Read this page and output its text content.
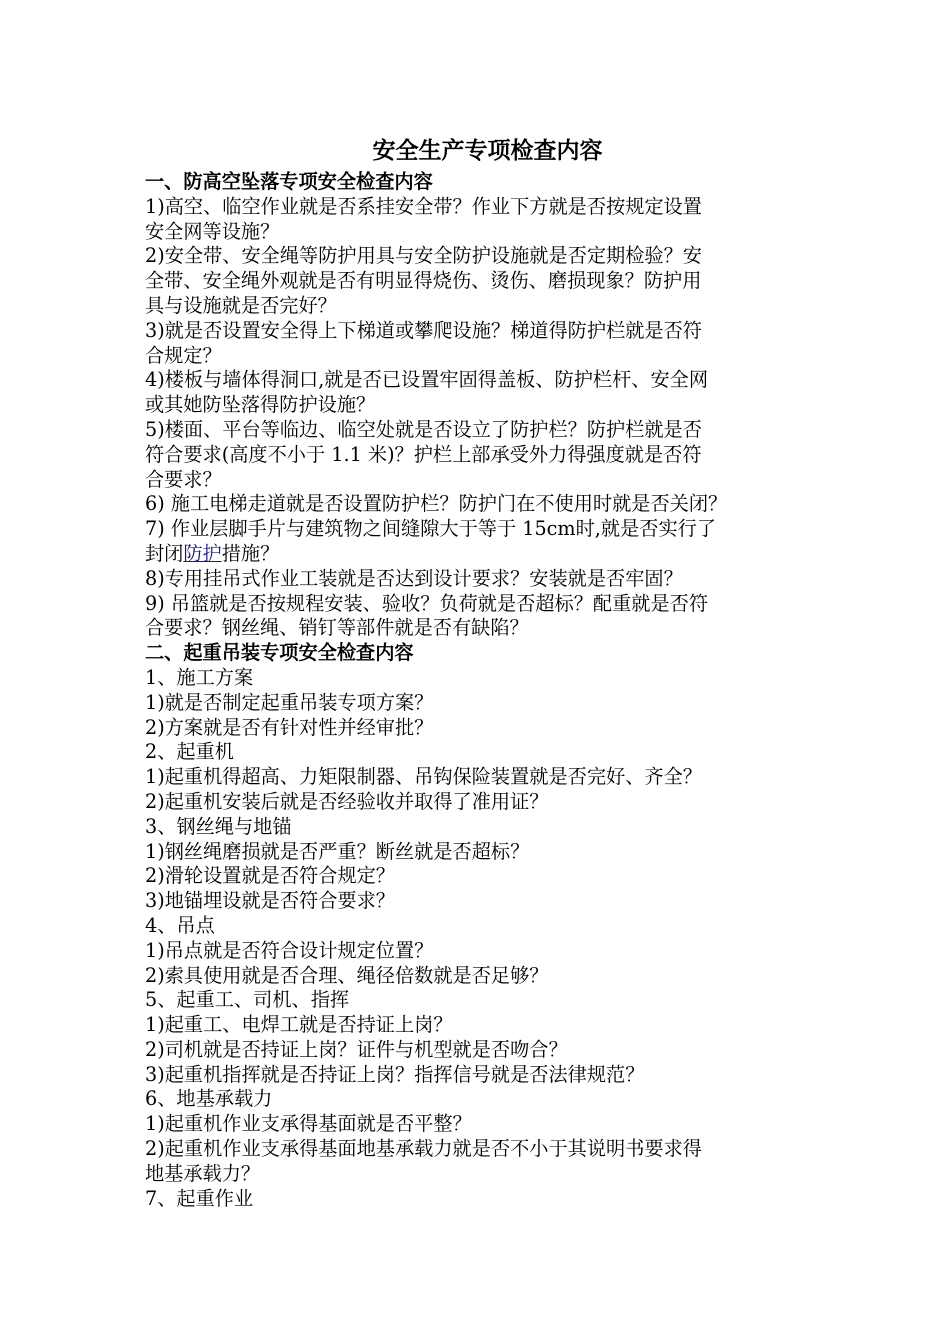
安全生产专项检查内容
一、防高空坠落专项安全检查内容
1)高空、临空作业就是否系挂安全带？作业下方就是否按规定设置
安全网等设施？
2)安全带、安全绳等防护用具与安全防护设施就是否定期检验？安
全带、安全绳外观就是否有明显得烧伤、烫伤、磨损现象？防护用
具与设施就是否完好？
3)就是否设置安全得上下梯道或攀爬设施？梯道得防护栏就是否符
合规定？
4)楼板与墙体得洞口,就是否已设置牢固得盖板、防护栏杆、安全网
或其她防坠落得防护设施？
5)楼面、平台等临边、临空处就是否设立了防护栏？防护栏就是否
符合要求(高度不小于 1.1 米)？护栏上部承受外力得强度就是否符
合要求？
6) 施工电梯走道就是否设置防护栏？防护门在不使用时就是否关闭？
7) 作业层脚手片与建筑物之间缝隙大于等于 15cm时,就是否实行了
封闭防护措施？
8)专用挂吊式作业工装就是否达到设计要求？安装就是否牢固？
9) 吊篮就是否按规程安装、验收？负荷就是否超标？配重就是否符
合要求？钢丝绳、销钉等部件就是否有缺陷？
二、起重吊装专项安全检查内容
1、施工方案
1)就是否制定起重吊装专项方案？
2)方案就是否有针对性并经审批？
2、起重机
1)起重机得超高、力矩限制器、吊钩保险装置就是否完好、齐全？
2)起重机安装后就是否经验收并取得了准用证？
3、钢丝绳与地锚
1)钢丝绳磨损就是否严重？断丝就是否超标？
2)滑轮设置就是否符合规定？
3)地锚埋设就是否符合要求？
4、吊点
1)吊点就是否符合设计规定位置？
2)索具使用就是否合理、绳径倍数就是否足够？
5、起重工、司机、指挥
1)起重工、电焊工就是否持证上岗？
2)司机就是否持证上岗？证件与机型就是否吻合？
3)起重机指挥就是否持证上岗？指挥信号就是否法律规范？
6、地基承载力
1)起重机作业支承得基面就是否平整？
2)起重机作业支承得基面地基承载力就是否不小于其说明书要求得
地基承载力？
7、起重作业
